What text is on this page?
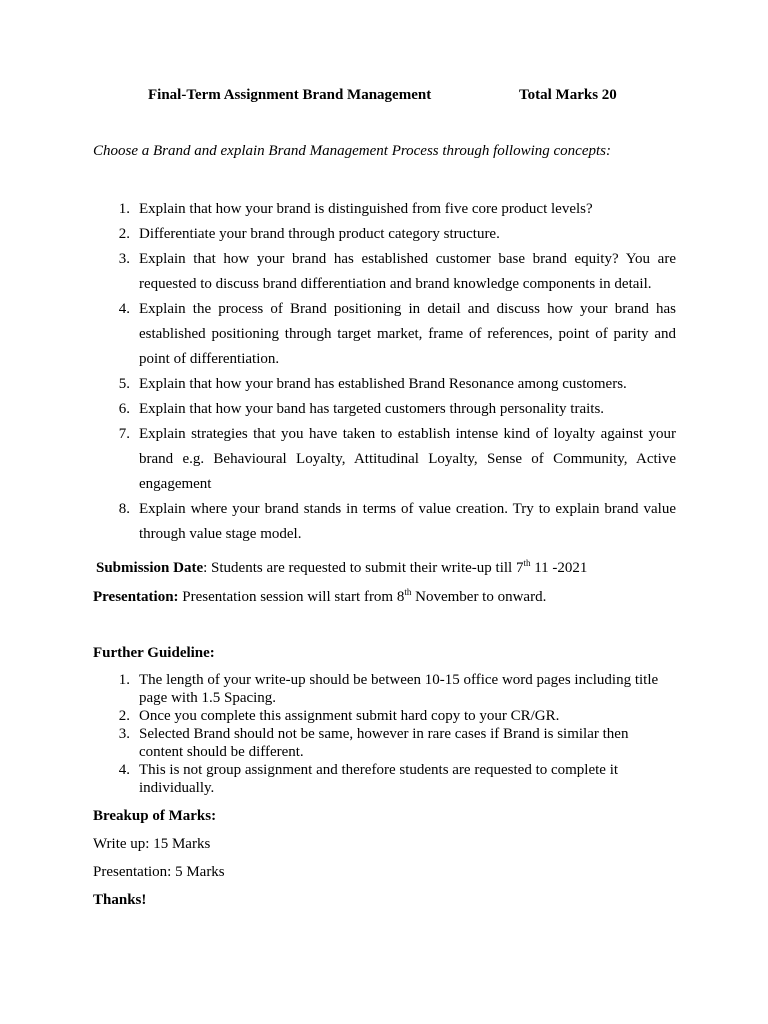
Final-Term Assignment Brand Management	Total Marks 20
Choose a Brand and explain Brand Management Process through following concepts:
1. Explain that how your brand is distinguished from five core product levels?
2. Differentiate your brand through product category structure.
3. Explain that how your brand has established customer base brand equity? You are requested to discuss brand differentiation and brand knowledge components in detail.
4. Explain the process of Brand positioning in detail and discuss how your brand has established positioning through target market, frame of references, point of parity and point of differentiation.
5. Explain that how your brand has established Brand Resonance among customers.
6. Explain that how your band has targeted customers through personality traits.
7. Explain strategies that you have taken to establish intense kind of loyalty against your brand e.g. Behavioural Loyalty, Attitudinal Loyalty, Sense of Community, Active engagement
8. Explain where your brand stands in terms of value creation. Try to explain brand value through value stage model.
Submission Date: Students are requested to submit their write-up till 7th 11 -2021
Presentation: Presentation session will start from 8th November to onward.
Further Guideline:
1. The length of your write-up should be between 10-15 office word pages including title page with 1.5 Spacing.
2. Once you complete this assignment submit hard copy to your CR/GR.
3. Selected Brand should not be same, however in rare cases if Brand is similar then content should be different.
4. This is not group assignment and therefore students are requested to complete it individually.
Breakup of Marks:
Write up: 15 Marks
Presentation: 5 Marks
Thanks!
